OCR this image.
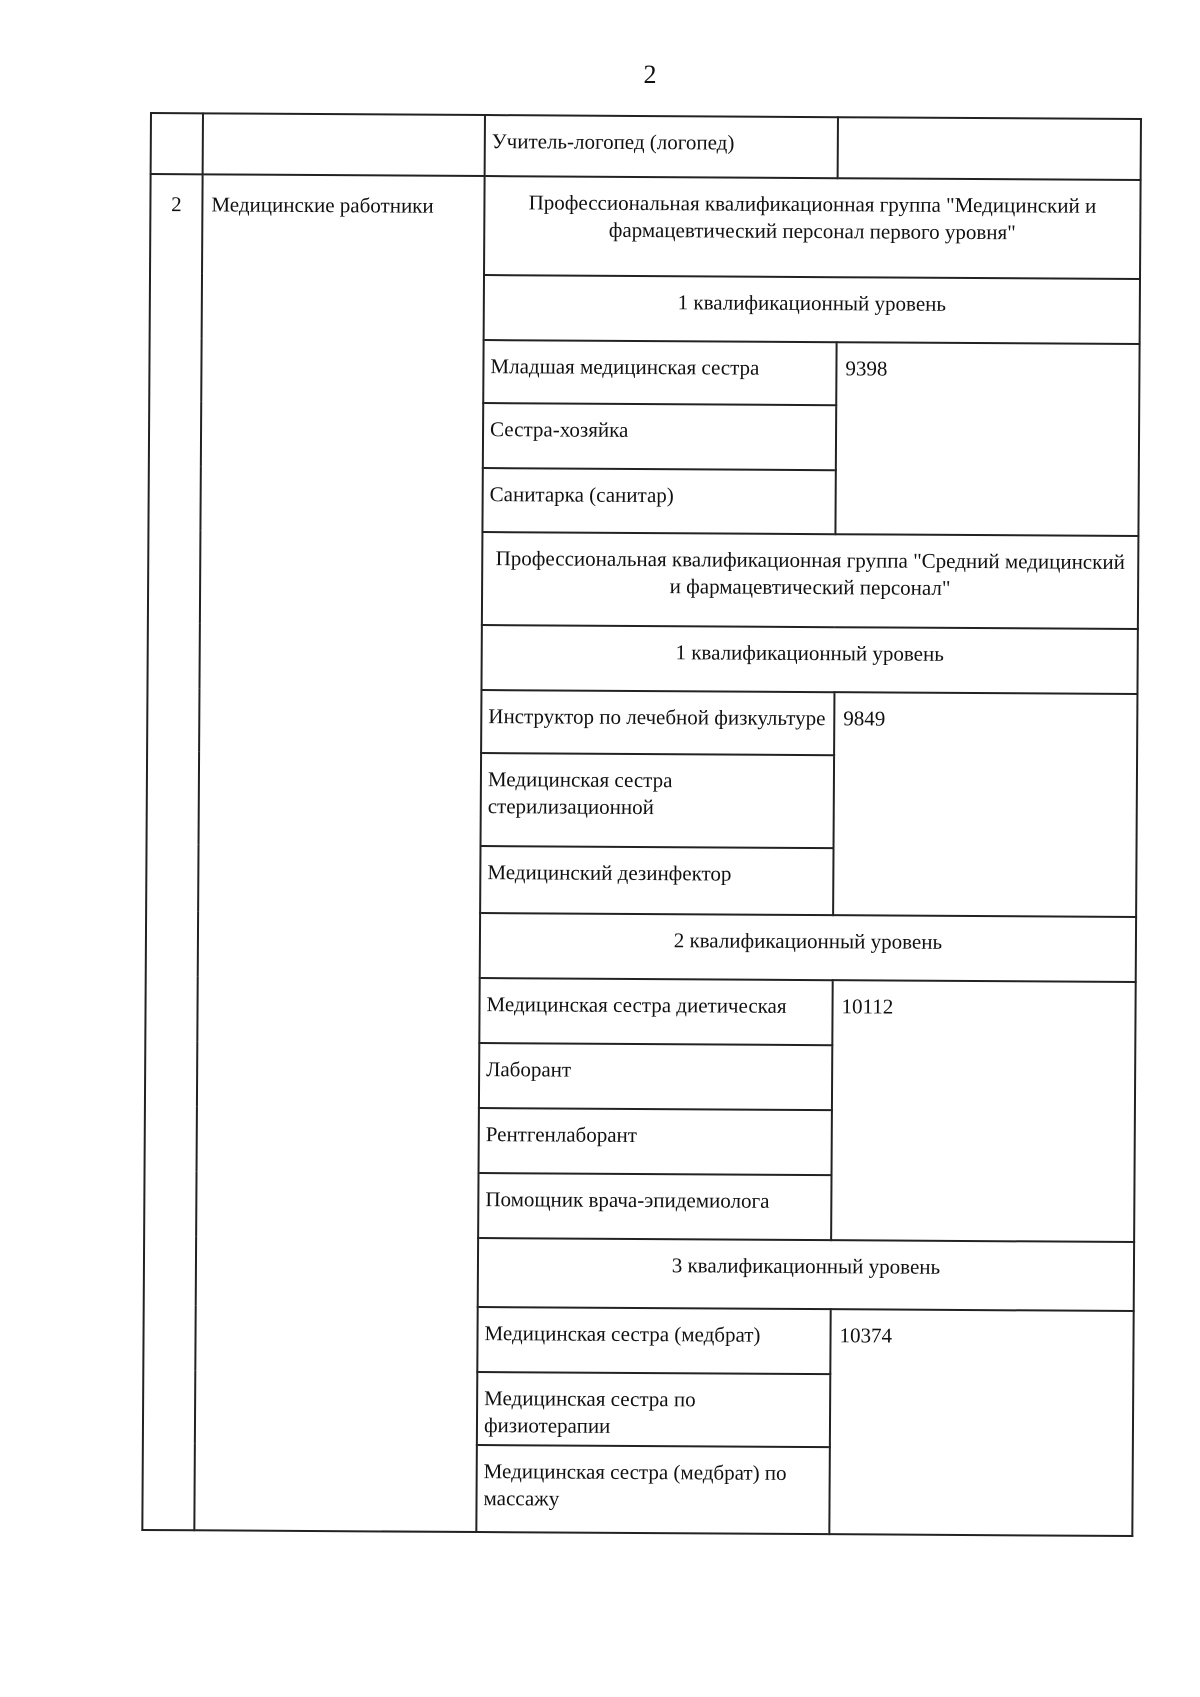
2
		Учитель-логопед (логопед)	
2	Медицинские работники	Профессиональная квалификационная группа "Медицинский и фармацевтический персонал первого уровня"	
		1 квалификационный уровень	
		Младшая медицинская сестра	9398
		Сестра-хозяйка	
		Санитарка (санитар)	
		Профессиональная квалификационная группа "Средний медицинский и фармацевтический персонал"	
		1 квалификационный уровень	
		Инструктор по лечебной физкультуре	9849
		Медицинская сестра стерилизационной	
		Медицинский дезинфектор	
		2 квалификационный уровень	
		Медицинская сестра диетическая	10112
		Лаборант	
		Рентгенлаборант	
		Помощник врача-эпидемиолога	
		3 квалификационный уровень	
		Медицинская сестра (медбрат)	10374
		Медицинская сестра по физиотерапии	
		Медицинская сестра (медбрат) по массажу	
